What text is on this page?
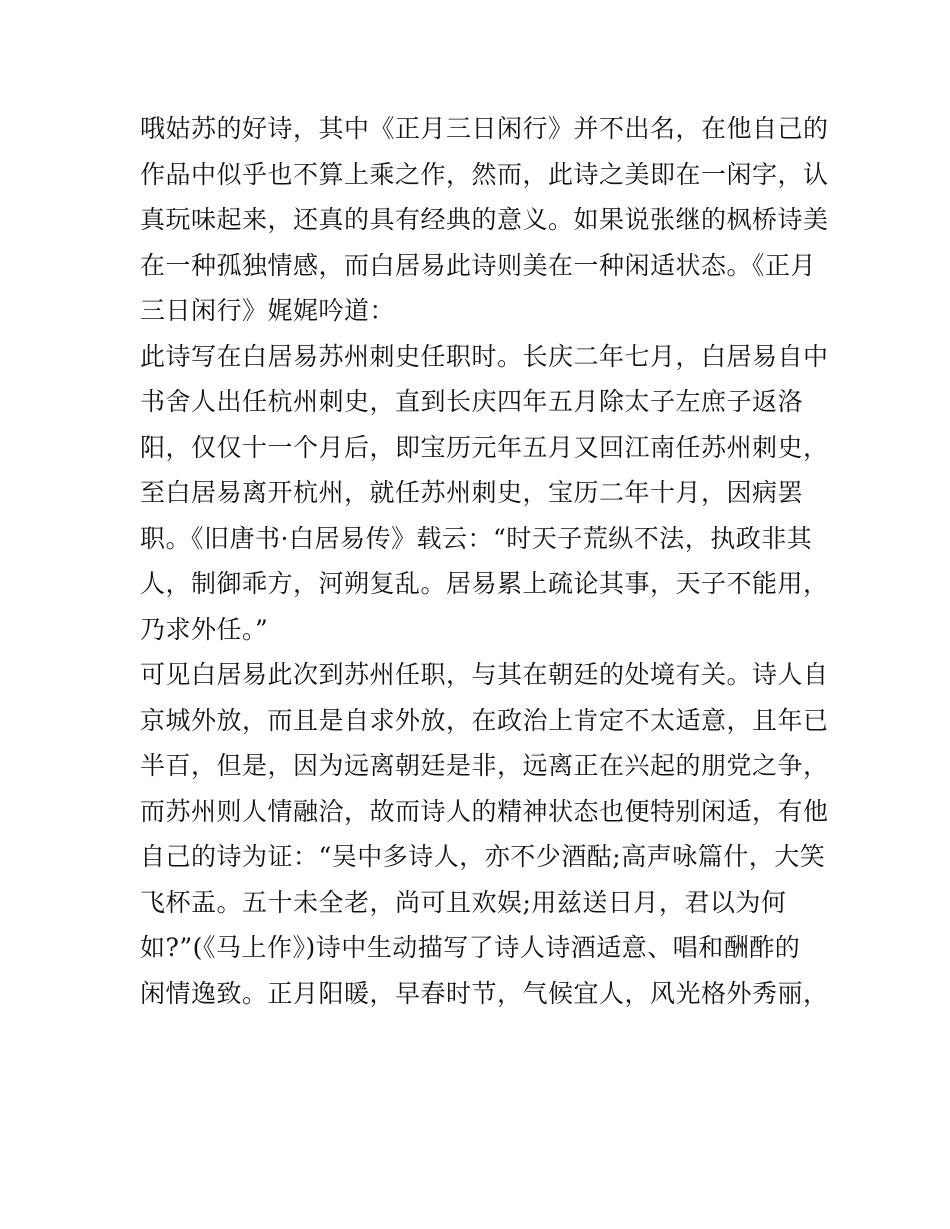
哦姑苏的好诗，其中《正月三日闲行》并不出名，在他自己的
作品中似乎也不算上乘之作，然而，此诗之美即在一闲字，认
真玩味起来，还真的具有经典的意义。如果说张继的枫桥诗美
在一种孤独情感，而白居易此诗则美在一种闲适状态。《正月
三日闲行》娓娓吟道：
此诗写在白居易苏州刺史任职时。长庆二年七月，白居易自中
书舍人出任杭州刺史，直到长庆四年五月除太子左庶子返洛
阳，仅仅十一个月后，即宝历元年五月又回江南任苏州刺史，
至白居易离开杭州，就任苏州刺史，宝历二年十月，因病罢
职。《旧唐书·白居易传》载云：“时天子荒纵不法，执政非其
人，制御乖方，河朔复乱。居易累上疏论其事，天子不能用，
乃求外任。”
可见白居易此次到苏州任职，与其在朝廷的处境有关。诗人自
京城外放，而且是自求外放，在政治上肯定不太适意，且年已
半百，但是，因为远离朝廷是非，远离正在兴起的朋党之争，
而苏州则人情融洽，故而诗人的精神状态也便特别闲适，有他
自己的诗为证：“吴中多诗人，亦不少酒酤;高声咏篇什，大笑
飞杯盂。五十未全老，尚可且欢娱;用兹送日月，君以为何
如?”(《马上作》)诗中生动描写了诗人诗酒适意、唱和酬酢的
闲情逸致。正月阳暖，早春时节，气候宜人，风光格外秀丽，
